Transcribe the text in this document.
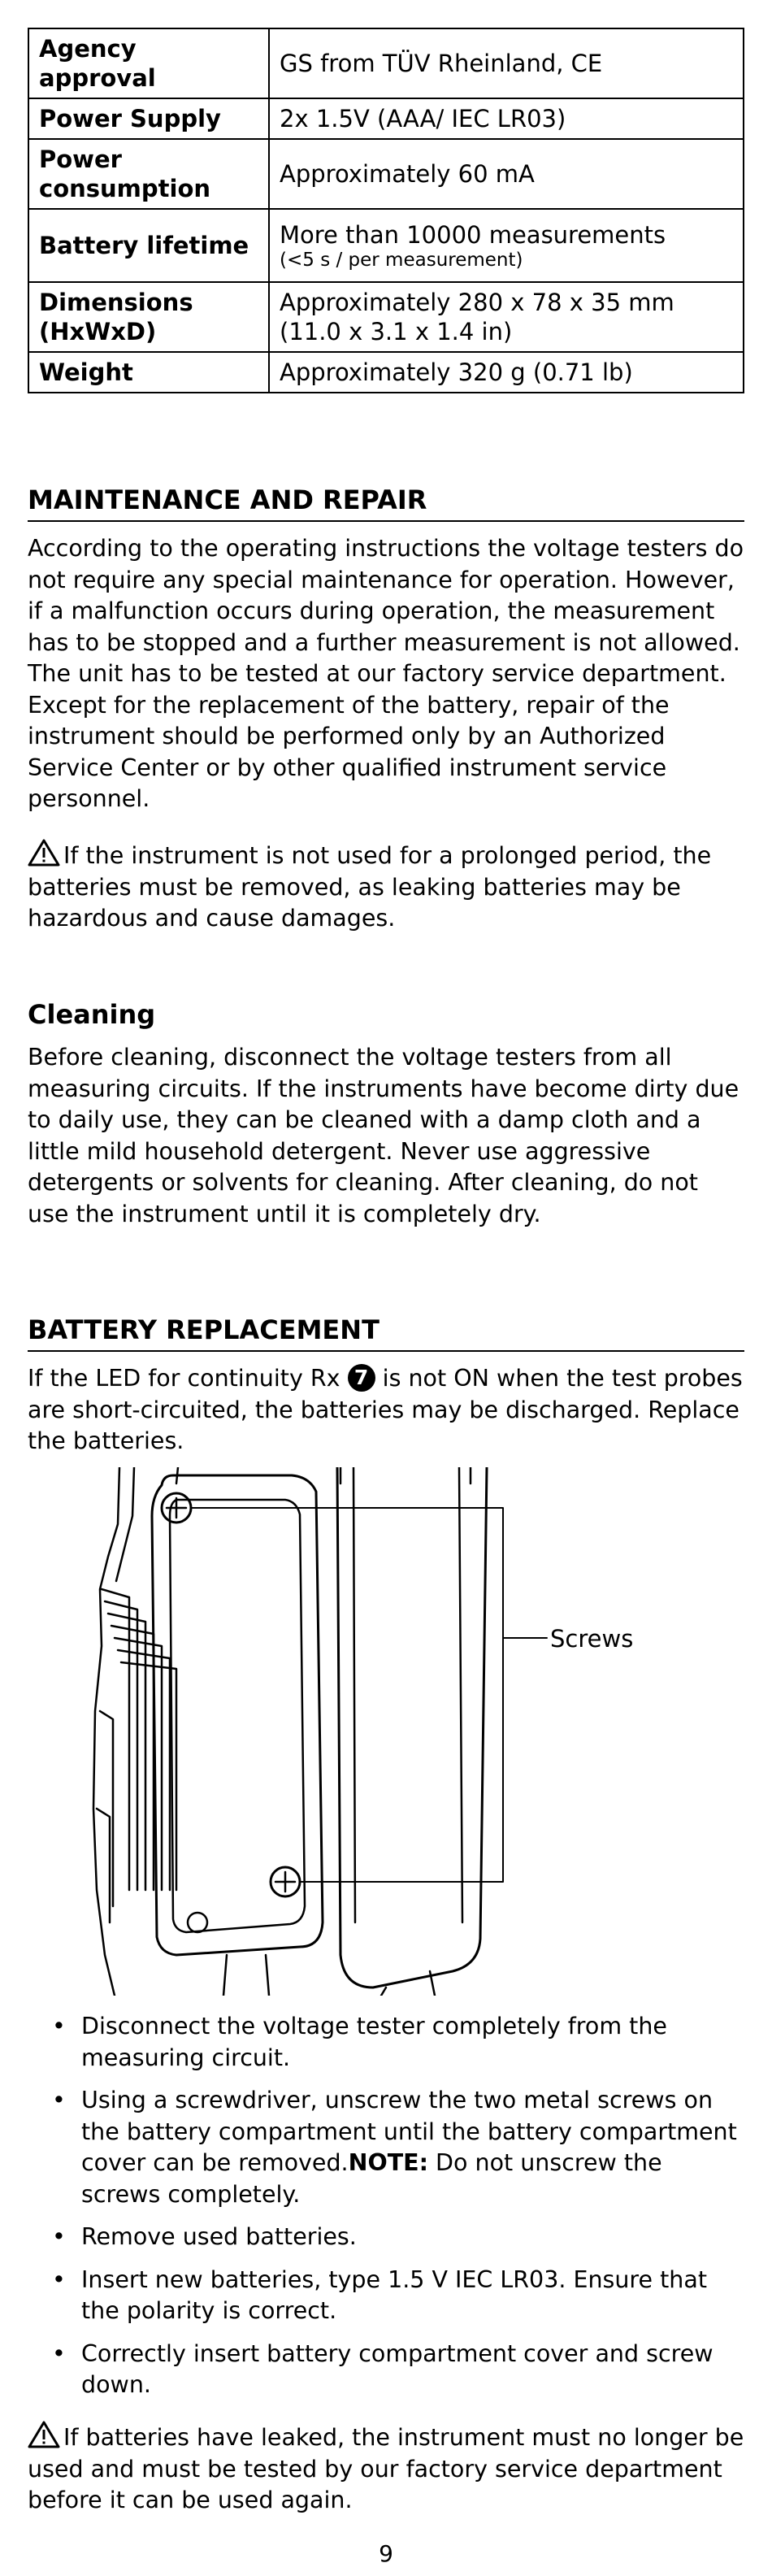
Agency approval	GS from TÜV Rheinland, CE
Power Supply	2x 1.5V (AAA/ IEC LR03)
Power consumption	Approximately 60 mA
Battery lifetime	More than 10000 measurements
(<5 s / per measurement)

Dimensions (HxWxD)	Approximately 280 x 78 x 35 mm
(11.0 x 3.1 x 1.4 in)
Weight	Approximately 320 g (0.71 lb)
MAINTENANCE AND REPAIR

According to the operating instructions the voltage testers do not require any special maintenance for operation. However, if a malfunction occurs during operation, the measurement has to be stopped and a further measurement is not allowed. The unit has to be tested at our factory service department. Except for the replacement of the battery, repair of the instrument should be performed only by an Authorized Service Center or by other qualified instrument service personnel.

If the instrument is not used for a prolonged period, the batteries must be removed, as leaking batteries may be hazardous and cause damages.

Cleaning

Before cleaning, disconnect the voltage testers from all measuring circuits. If the instruments have become dirty due to daily use, they can be cleaned with a damp cloth and a little mild household detergent. Never use aggressive detergents or solvents for cleaning. After cleaning, do not use the instrument until it is completely dry.

BATTERY REPLACEMENT

If the LED for continuity Rx 7 is not ON when the test probes are short-circuited, the batteries may be discharged. Replace the batteries.

Screws
• Disconnect the voltage tester completely from the measuring circuit.
• Using a screwdriver, unscrew the two metal screws on the battery compartment until the battery compartment cover can be removed.NOTE: Do not unscrew the screws completely.
• Remove used batteries.
• Insert new batteries, type 1.5 V IEC LR03. Ensure that the polarity is correct.
• Correctly insert battery compartment cover and screw down.

If batteries have leaked, the instrument must no longer be used and must be tested by our factory service department before it can be used again.

9
